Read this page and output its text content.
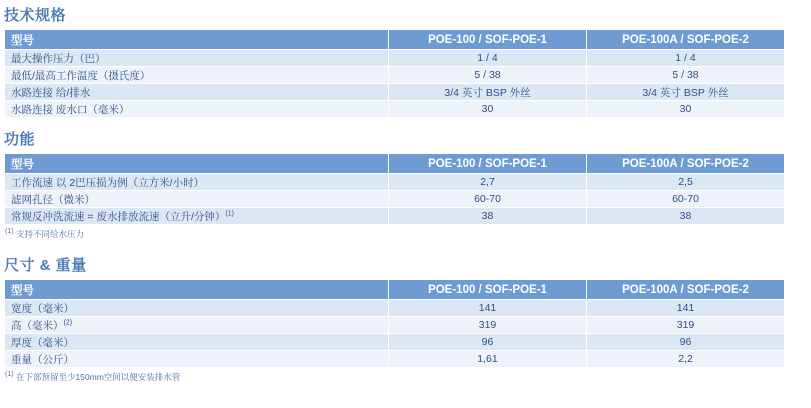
技术规格
型号	POE-100 / SOF-POE-1	POE-100A / SOF-POE-2
最大操作压力（巴）	1 / 4	1 / 4
最低/最高工作温度（摄氏度）	5 / 38	5 / 38
水路连接 给/排水	3/4 英寸 BSP 外丝	3/4 英寸 BSP 外丝
水路连接 废水口（毫米）	30	30
功能
型号	POE-100 / SOF-POE-1	POE-100A / SOF-POE-2
工作流速 以 2巴压损为例（立方米/小时）	2,7	2,5
滤网孔径（微米）	60-70	60-70
常规反冲洗流速 = 废水排放流速（立升/分钟）$^{(1)}$	38	38
$^{(1)}$ 支持不同给水压力
尺寸 & 重量
型号	POE-100 / SOF-POE-1	POE-100A / SOF-POE-2
宽度（毫米）	141	141
高（毫米）$^{(2)}$	319	319
厚度（毫米）	96	96
重量（公斤）	1,61	2,2
$^{(1)}$ 在下部预留至少150mm空间以便安装排水管
